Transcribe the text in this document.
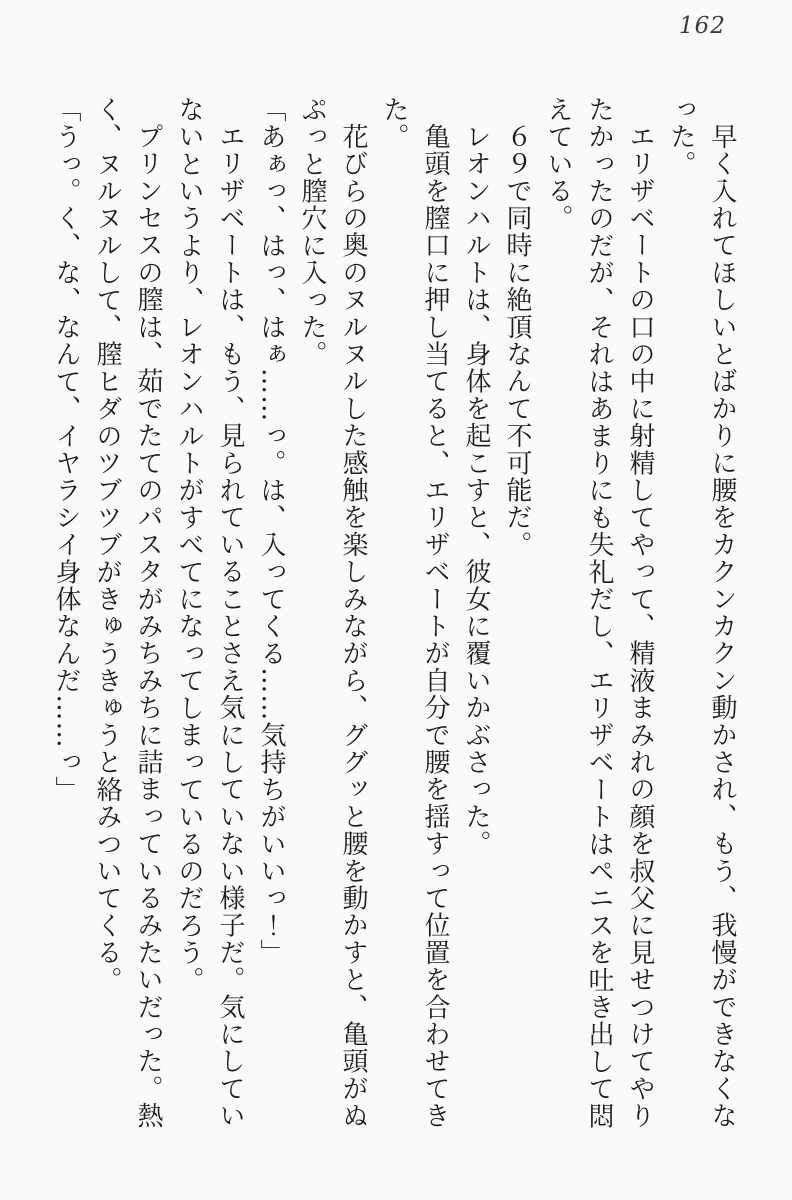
162

早く入れてほしいとばかりに腰をカクンカクン動かされ、もう、我慢ができなくな

った。

エリザベートの口の中に射精してやって、精液まみれの顔を叔父に見せつけてやり

たかったのだが、それはあまりにも失礼だし、エリザベートはペニスを吐き出して悶

えている。

６９で同時に絶頂なんて不可能だ。

レオンハルトは、身体を起こすと、彼女に覆いかぶさった。

亀頭を膣口に押し当てると、エリザベートが自分で腰を揺すって位置を合わせてき

た。

花びらの奥のヌルヌルした感触を楽しみながら、ググッと腰を動かすと、亀頭がぬ

ぷっと膣穴に入った。

「あぁっ、はっ、はぁ……っ。は、入ってくる……気持ちがいいっ！」

エリザベートは、もう、見られていることさえ気にしていない様子だ。気にしてい

ないというより、レオンハルトがすべてになってしまっているのだろう。

プリンセスの膣は、茹でたてのパスタがみちみちに詰まっているみたいだった。熱

く、ヌルヌルして、膣ヒダのツブツブがきゅうきゅうと絡みついてくる。

「うっ。く、な、なんて、イヤラシイ身体なんだ……っ」
